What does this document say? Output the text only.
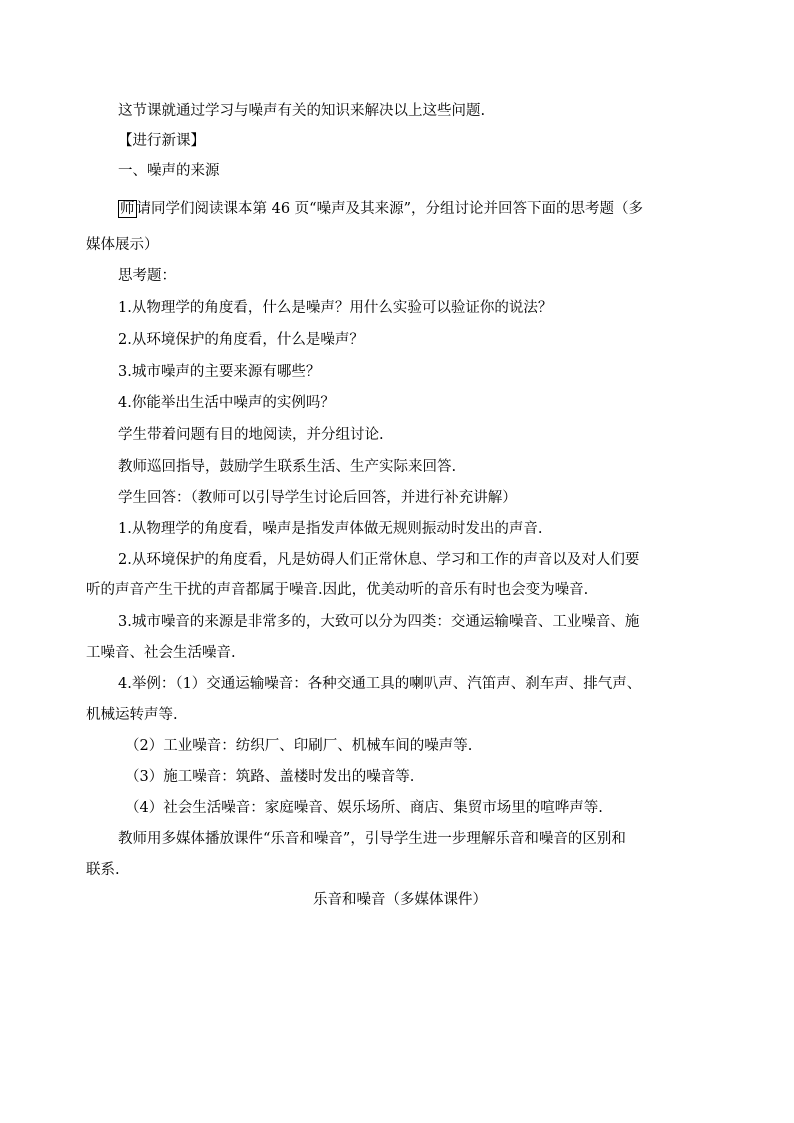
这节课就通过学习与噪声有关的知识来解决以上这些问题.
【进行新课】
一、噪声的来源
师 请同学们阅读课本第 46 页“噪声及其来源”，分组讨论并回答下面的思考题（多
媒体展示）
思考题：
1.从物理学的角度看，什么是噪声？用什么实验可以验证你的说法？
2.从环境保护的角度看，什么是噪声？
3.城市噪声的主要来源有哪些？
4.你能举出生活中噪声的实例吗？
学生带着问题有目的地阅读，并分组讨论.
教师巡回指导，鼓励学生联系生活、生产实际来回答.
学生回答：（教师可以引导学生讨论后回答，并进行补充讲解）
1.从物理学的角度看，噪声是指发声体做无规则振动时发出的声音.
2.从环境保护的角度看，凡是妨碍人们正常休息、学习和工作的声音以及对人们要
听的声音产生干扰的声音都属于噪音.因此，优美动听的音乐有时也会变为噪音.
3.城市噪音的来源是非常多的，大致可以分为四类：交通运输噪音、工业噪音、施
工噪音、社会生活噪音.
4.举例：（1）交通运输噪音：各种交通工具的喇叭声、汽笛声、刹车声、排气声、
机械运转声等.
（2）工业噪音：纺织厂、印刷厂、机械车间的噪声等.
（3）施工噪音：筑路、盖楼时发出的噪音等.
（4）社会生活噪音：家庭噪音、娱乐场所、商店、集贸市场里的喧哗声等.
教师用多媒体播放课件“乐音和噪音”，引导学生进一步理解乐音和噪音的区别和
联系.
乐音和噪音（多媒体课件）
